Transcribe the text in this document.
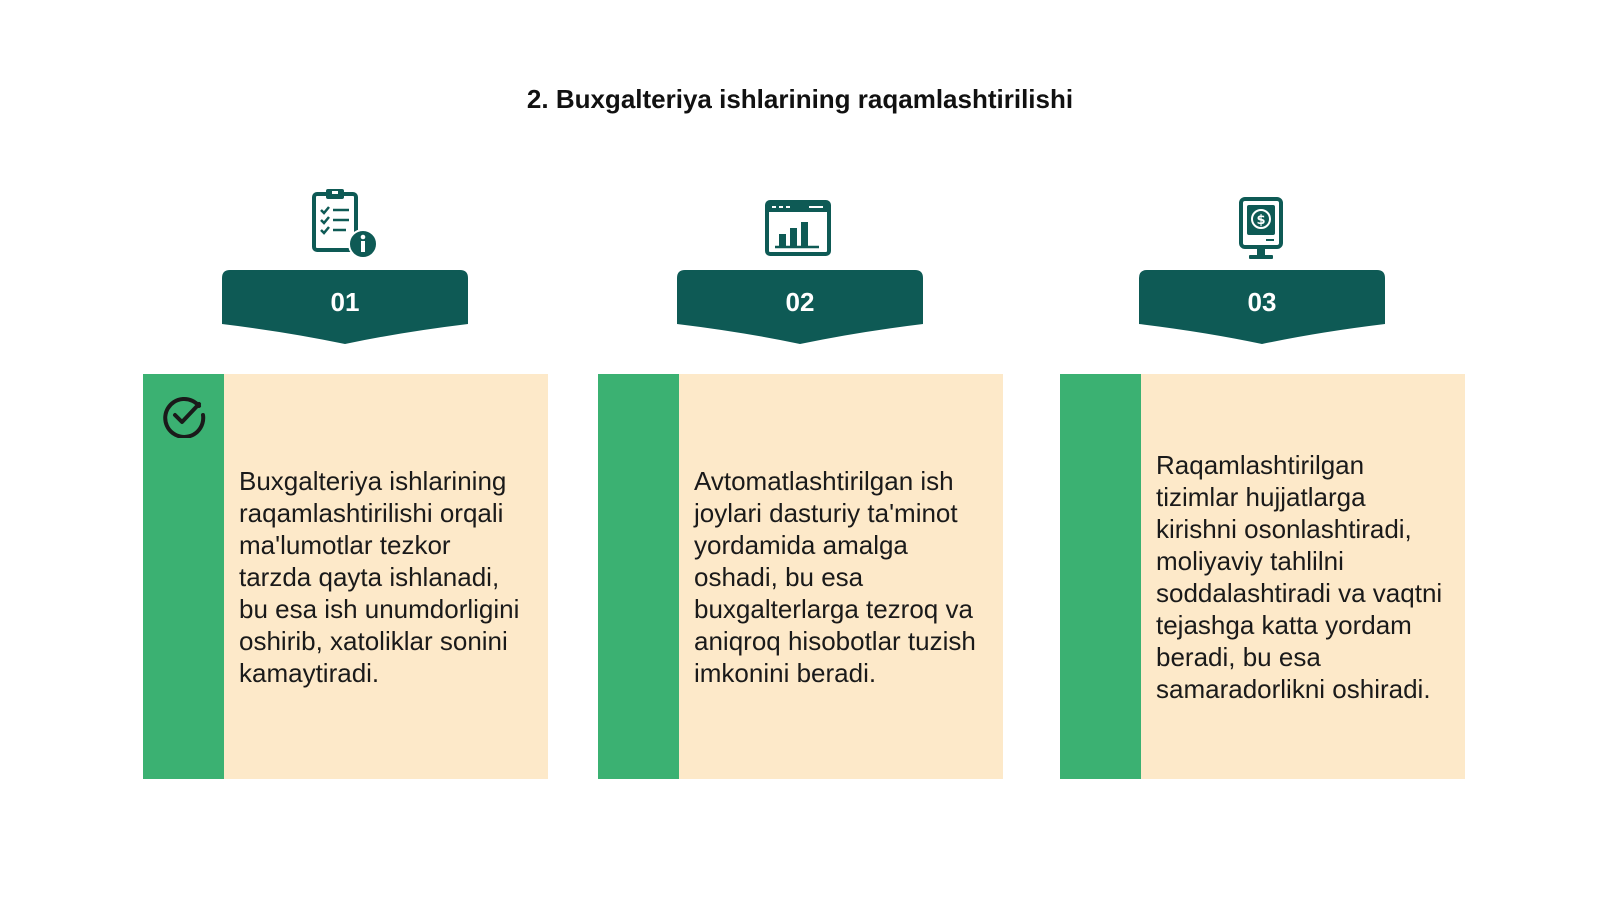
2. Buxgalteriya ishlarining raqamlashtirilishi
01
Buxgalteriya ishlarining raqamlashtirilishi orqali ma'lumotlar tezkor tarzda qayta ishlanadi, bu esa ish unumdorligini oshirib, xatoliklar sonini kamaytiradi.
02
Avtomatlashtirilgan ish joylari dasturiy ta'minot yordamida amalga oshadi, bu esa buxgalterlarga tezroq va aniqroq hisobotlar tuzish imkonini beradi.
$
03
Raqamlashtirilgan tizimlar hujjatlarga kirishni osonlashtiradi, moliyaviy tahlilni soddalashtiradi va vaqtni tejashga katta yordam beradi, bu esa samaradorlikni oshiradi.
